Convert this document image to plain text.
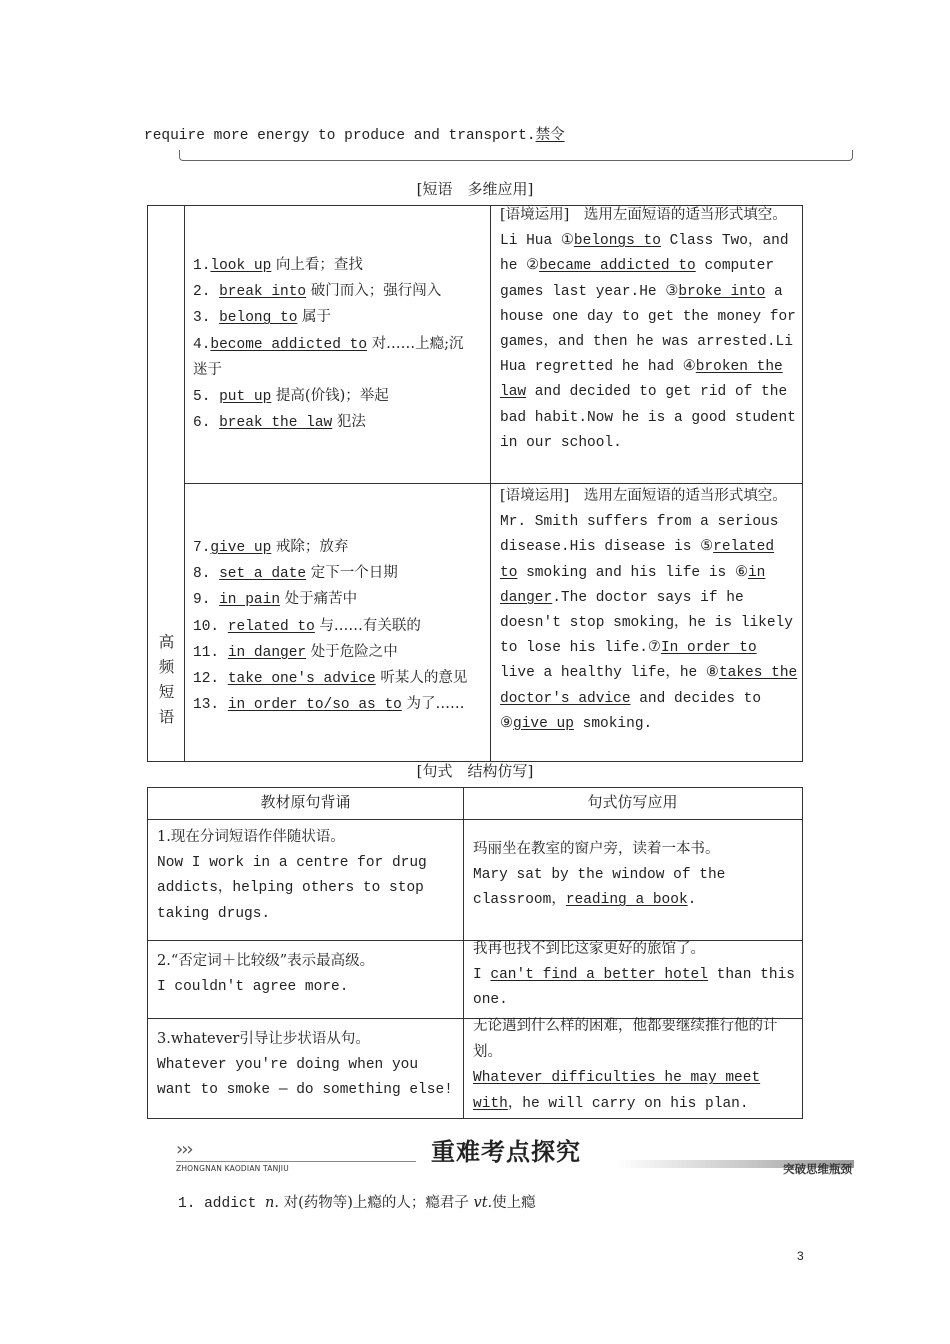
require more energy to produce and transport.禁令
[短语　多维应用]
高
频
短
语
1.look up 向上看；查找
2. break into 破门而入；强行闯入
3. belong to 属于
4.become addicted to 对……上瘾;沉
迷于
5. put up 提高(价钱)；举起
6. break the law 犯法
[语境运用]　选用左面短语的适当形式填空。
Li Hua ①belongs to Class Two，and he ②became addicted to computer games last year.He ③broke into a house one day to get the money for games，and then he was arrested.Li Hua regretted he had ④broken the law and decided to get rid of the bad habit.Now he is a good student in our school.
7.give up 戒除；放弃
8. set a date 定下一个日期
9. in pain 处于痛苦中
10. related to 与……有关联的
11. in danger 处于危险之中
12. take one's advice 听某人的意见
13. in order to/so as to 为了……
[语境运用]　选用左面短语的适当形式填空。
Mr. Smith suffers from a serious disease.His disease is ⑤related to smoking and his life is ⑥in danger.The doctor says if he doesn't stop smoking，he is likely to lose his life.⑦In order to live a healthy life，he ⑧takes the doctor's advice and decides to ⑨give up smoking.
[句式　结构仿写]
教材原句背诵	句式仿写应用
1.现在分词短语作伴随状语。
Now I work in a centre for drug addicts，helping others to stop taking drugs.
玛丽坐在教室的窗户旁，读着一本书。
Mary sat by the window of the classroom，reading a book.
2.“否定词＋比较级”表示最高级。
I couldn't agree more.
我再也找不到比这家更好的旅馆了。
I can't find a better hotel than this one.
3.whatever引导让步状语从句。
Whatever you're doing when you want to smoke — do something else!
无论遇到什么样的困难，他都要继续推行他的计划。
Whatever difficulties he may meet with，he will carry on his plan.
›››
ZHONGNAN KAODIAN TANJIU
重难考点探究
突破思维瓶颈
1. addict n. 对(药物等)上瘾的人；瘾君子 vt.使上瘾
3
